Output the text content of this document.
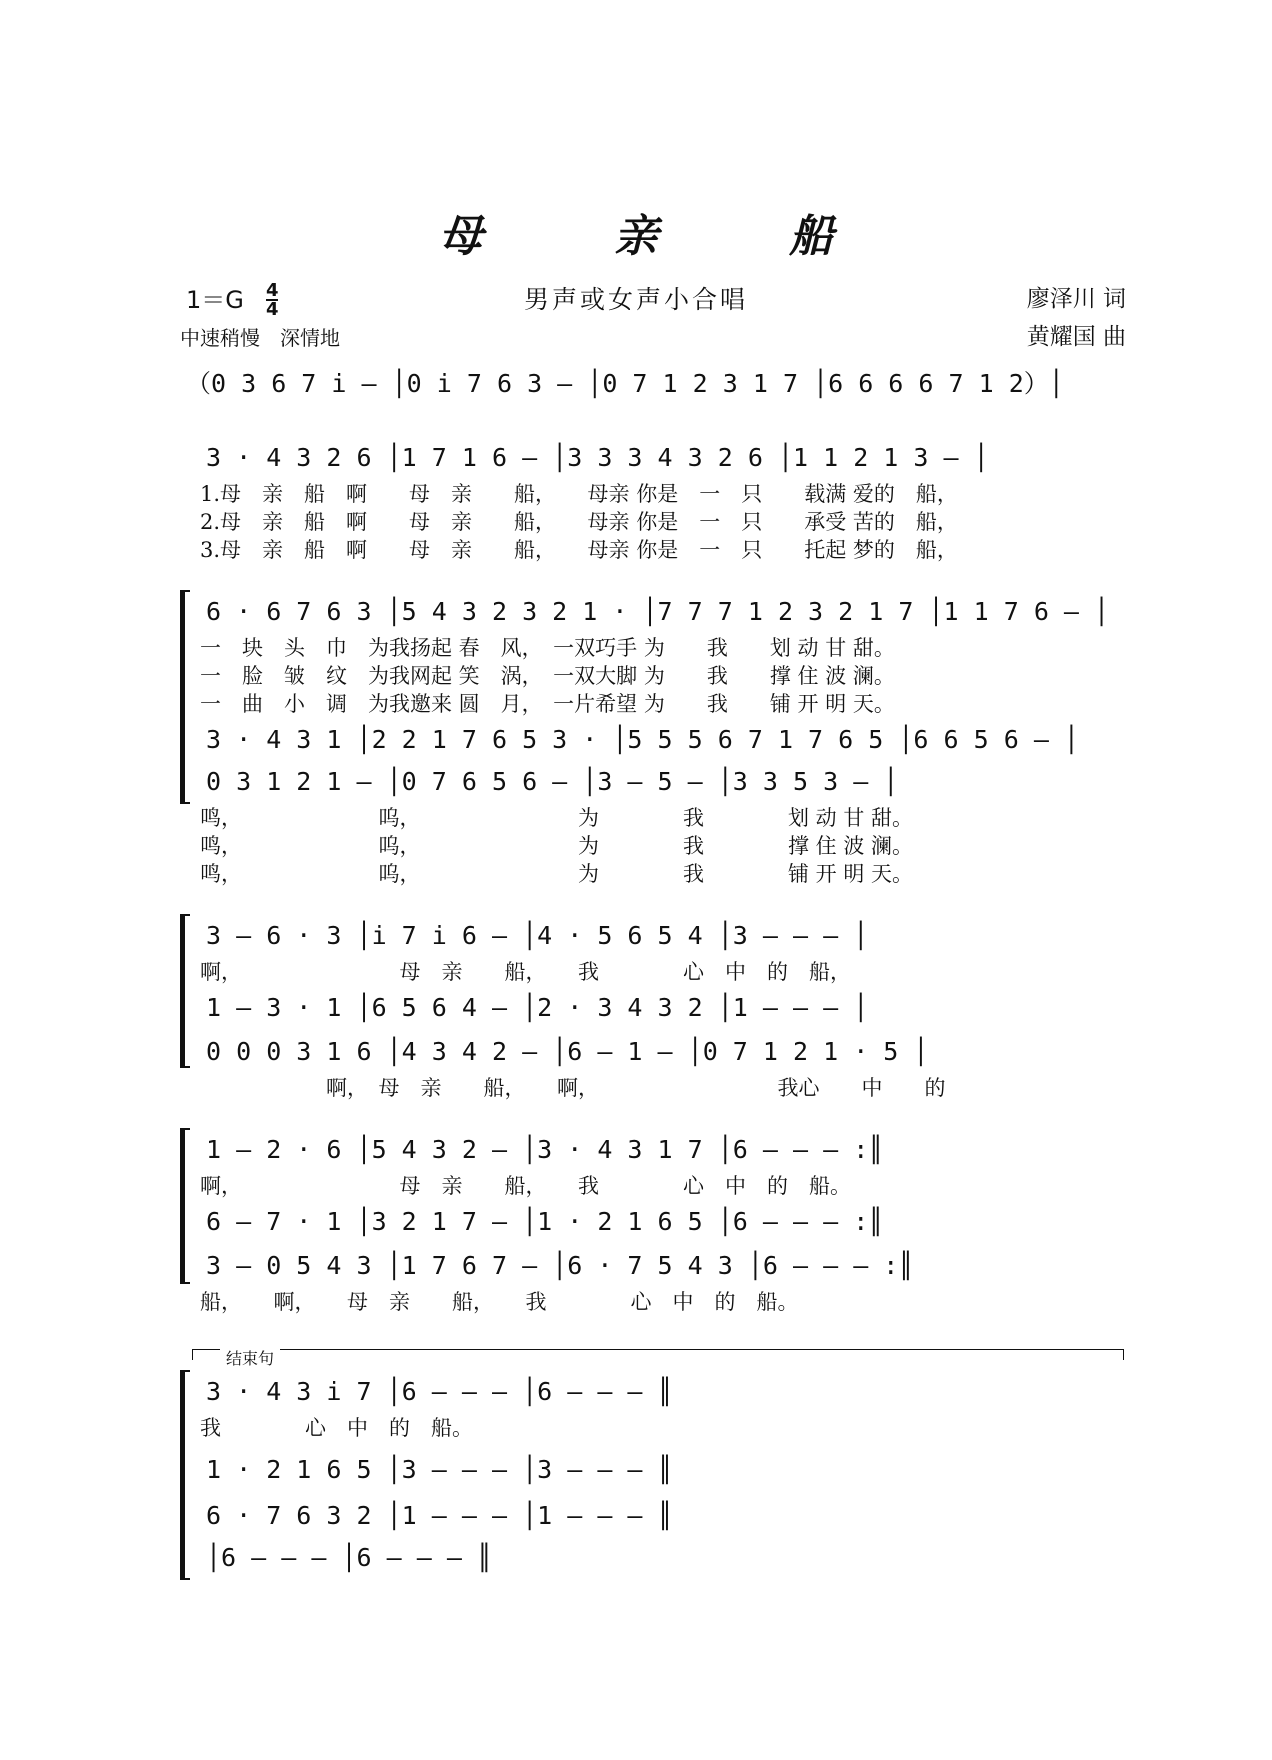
母 亲 船
1＝G 4
4
中速稍慢　深情地
男声或女声小合唱	廖泽川 词
黄耀国 曲
（0 3 6 7 i – │0 i 7 6 3 – │0 7 1 2 3 1 7 │6 6 6 6 7 1 2）│
3 · 4 3 2 6 │1 7 1 6 – │3 3 3 4 3 2 6 │1 1 2 1 3 – │
1.母　亲　船　啊　　母　亲　　船，　　母亲 你是　一　只　　载满 爱的　船，
2.母　亲　船　啊　　母　亲　　船，　　母亲 你是　一　只　　承受 苦的　船，
3.母　亲　船　啊　　母　亲　　船，　　母亲 你是　一　只　　托起 梦的　船，
6 · 6 7 6 3 │5 4 3 2 3 2 1 · │7 7 7 1 2 3 2 1 7 │1 1 7 6 – │
一　块　头　巾　为我扬起 春　风，　一双巧手 为　　我　　划 动 甘 甜。
一　脸　皱　纹　为我网起 笑　涡，　一双大脚 为　　我　　撑 住 波 澜。
一　曲　小　调　为我邀来 圆　月，　一片希望 为　　我　　铺 开 明 天。
3 · 4 3 1 │2 2 1 7 6 5 3 · │5 5 5 6 7 1 7 6 5 │6 6 5 6 – │
0 3 1 2 1 – │0 7 6 5 6 – │3 – 5 – │3 3 5 3 – │
鸣，　　　　　　　呜，　　　　　　　　为　　　　我　　　　划 动 甘 甜。
鸣，　　　　　　　呜，　　　　　　　　为　　　　我　　　　撑 住 波 澜。
鸣，　　　　　　　呜，　　　　　　　　为　　　　我　　　　铺 开 明 天。
3 – 6 · 3 │i 7 i 6 – │4 · 5 6 5 4 │3 – – – │
啊，　　　　　　　　母　亲　　船，　　我　　　　心　中　的　船，
1 – 3 · 1 │6 5 6 4 – │2 · 3 4 3 2 │1 – – – │
0 0 0 3 1 6 │4 3 4 2 – │6 – 1 – │0 7 1 2 1 · 5 │
　　　　　　啊，　母　亲　　船，　　啊，　　　　　　　　　我心　　中　　的
1 – 2 · 6 │5 4 3 2 – │3 · 4 3 1 7 │6 – – – :║
啊，　　　　　　　　母　亲　　船，　　我　　　　心　中　的　船。
6 – 7 · 1 │3 2 1 7 – │1 · 2 1 6 5 │6 – – – :║
3 – 0 5 4 3 │1 7 6 7 – │6 · 7 5 4 3 │6 – – – :║
船，　　啊，　　母　亲　　船，　　我　　　　心　中　的　船。
结束句
3 · 4 3 i 7 │6 – – – │6 – – – ║
我　　　　心　中　的　船。
1 · 2 1 6 5 │3 – – – │3 – – – ║
6 · 7 6 3 2 │1 – – – │1 – – – ║
│6 – – – │6 – – – ║
